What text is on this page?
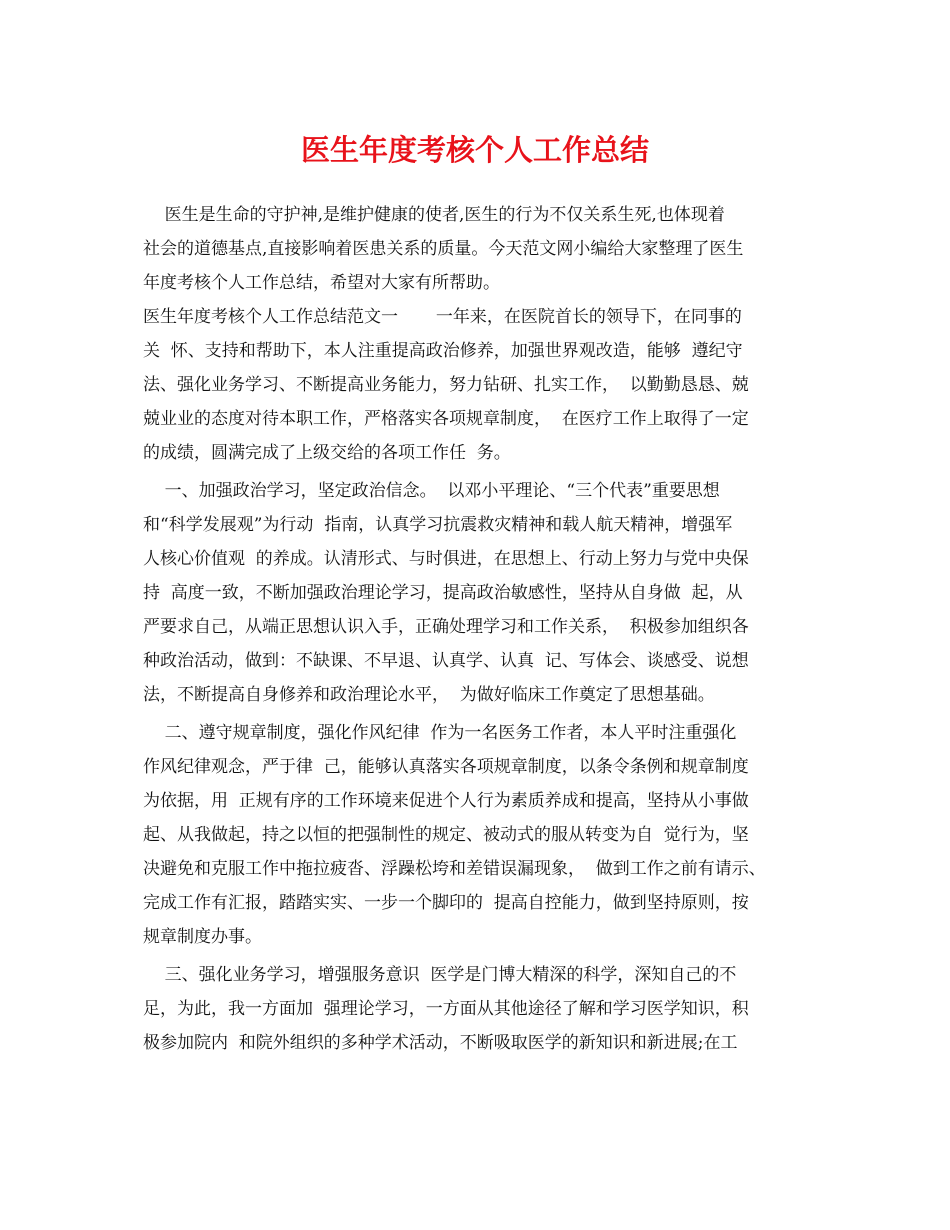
医生年度考核个人工作总结
医生是生命的守护神,是维护健康的使者,医生的行为不仅关系生死,也体现着
社会的道德基点,直接影响着医患关系的质量。今天范文网小编给大家整理了医生
年度考核个人工作总结，希望对大家有所帮助。
医生年度考核个人工作总结范文一       一年来，在医院首长的领导下，在同事的
关  怀、支持和帮助下，本人注重提高政治修养，加强世界观改造，能够  遵纪守
法、强化业务学习、不断提高业务能力，努力钻研、扎实工作，  以勤勤恳恳、兢
兢业业的态度对待本职工作，严格落实各项规章制度，  在医疗工作上取得了一定
的成绩，圆满完成了上级交给的各项工作任  务。
一、加强政治学习，坚定政治信念。  以邓小平理论、“三个代表”重要思想
和“科学发展观”为行动  指南，认真学习抗震救灾精神和载人航天精神，增强军
人核心价值观  的养成。认清形式、与时俱进，在思想上、行动上努力与党中央保
持  高度一致，不断加强政治理论学习，提高政治敏感性，坚持从自身做  起，从
严要求自己，从端正思想认识入手，正确处理学习和工作关系，  积极参加组织各
种政治活动，做到：不缺课、不早退、认真学、认真  记、写体会、谈感受、说想
法，不断提高自身修养和政治理论水平，  为做好临床工作奠定了思想基础。
二、遵守规章制度，强化作风纪律  作为一名医务工作者，本人平时注重强化
作风纪律观念，严于律  己，能够认真落实各项规章制度，以条令条例和规章制度
为依据，用  正规有序的工作环境来促进个人行为素质养成和提高，坚持从小事做
起、从我做起，持之以恒的把强制性的规定、被动式的服从转变为自  觉行为，坚
决避免和克服工作中拖拉疲沓、浮躁松垮和差错误漏现象，  做到工作之前有请示、
完成工作有汇报，踏踏实实、一步一个脚印的  提高自控能力，做到坚持原则，按
规章制度办事。
三、强化业务学习，增强服务意识  医学是门博大精深的科学，深知自己的不
足，为此，我一方面加  强理论学习，一方面从其他途径了解和学习医学知识，积
极参加院内  和院外组织的多种学术活动，不断吸取医学的新知识和新进展;在工
